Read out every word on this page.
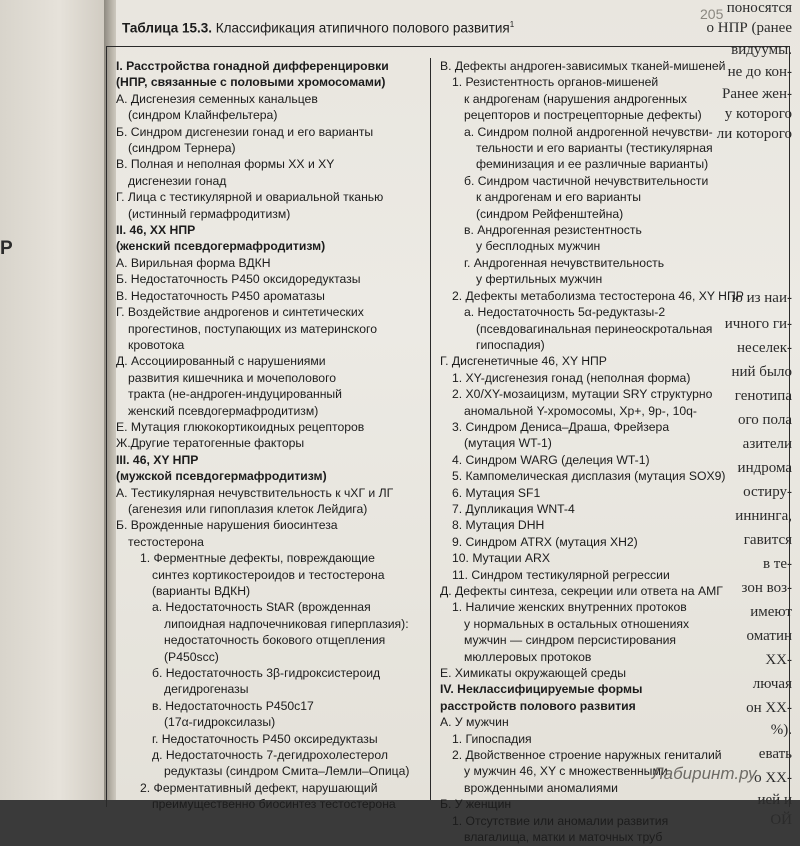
205
Таблица 15.3. Классификация атипичного полового развития$^1$
I. Расстройства гонадной дифференцировки
(НПР, связанные с половыми хромосомами)
А. Дисгенезия семенных канальцев
(синдром Клайнфельтера)
Б. Синдром дисгенезии гонад и его варианты
(синдром Тернера)
В. Полная и неполная формы XX и XY
дисгенезии гонад
Г. Лица с тестикулярной и овариальной тканью
(истинный гермафродитизм)
II. 46, XX НПР
(женский псевдогермафродитизм)
А. Вирильная форма ВДКН
Б. Недостаточность Р450 оксидоредуктазы
В. Недостаточность Р450 ароматазы
Г. Воздействие андрогенов и синтетических
прогестинов, поступающих из материнского
кровотока
Д. Ассоциированный с нарушениями
развития кишечника и мочеполового
тракта (не-андроген-индуцированный
женский псевдогермафродитизм)
Е. Мутация глюкокортикоидных рецепторов
Ж.Другие тератогенные факторы
III. 46, XY НПР
(мужской псевдогермафродитизм)
А. Тестикулярная нечувствительность к чХГ и ЛГ
(агенезия или гипоплазия клеток Лейдига)
Б. Врожденные нарушения биосинтеза
тестостерона
1. Ферментные дефекты, повреждающие
синтез кортикостероидов и тестостерона
(варианты ВДКН)
а. Недостаточность StAR (врожденная
липоидная надпочечниковая гиперплазия):
недостаточность бокового отщепления
(P450scc)
б. Недостаточность 3β-гидроксистероид
дегидрогеназы
в. Недостаточность Р450с17
(17α-гидроксилазы)
г. Недостаточность Р450 оксиредуктазы
д. Недостаточность 7-дегидрохолестерол
редуктазы (синдром Смита–Лемли–Опица)
2. Ферментативный дефект, нарушающий
преимущественно биосинтез тестостерона
В. Дефекты андроген-зависимых тканей-мишеней
1. Резистентность органов-мишеней
к андрогенам (нарушения андрогенных
рецепторов и пострецепторные дефекты)
а. Синдром полной андрогенной нечувстви-
тельности и его варианты (тестикулярная
феминизация и ее различные варианты)
б. Синдром частичной нечувствительности
к андрогенам и его варианты
(синдром Рейфенштейна)
в. Андрогенная резистентность
у бесплодных мужчин
г. Андрогенная нечувствительность
у фертильных мужчин
2. Дефекты метаболизма тестостерона 46, XY НПР
а. Недостаточность 5α-редуктазы-2
(псевдовагинальная перинеоскротальная
гипоспадия)
Г. Дисгенетичные 46, XY НПР
1. XY-дисгенезия гонад (неполная форма)
2. X0/XY-мозаицизм, мутации SRY структурно
аномальной Y-хромосомы, Xp+, 9p-, 10q-
3. Синдром Дениса–Драша, Фрейзера
(мутация WT-1)
4. Синдром WARG (делеция WT-1)
5. Кампомелическая дисплазия (мутация SOX9)
6. Мутация SF1
7. Дупликация WNT-4
8. Мутация DHH
9. Синдром ATRX (мутация XH2)
10. Мутации ARX
11. Синдром тестикулярной регрессии
Д. Дефекты синтеза, секреции или ответа на АМГ
1. Наличие женских внутренних протоков
у нормальных в остальных отношениях
мужчин — синдром персистирования
мюллеровых протоков
Е. Химикаты окружающей среды
IV. Неклассифицируемые формы
расстройств полового развития
А. У мужчин
1. Гипоспадия
2. Двойственное строение наружных гениталий
у мужчин 46, XY с множественными
врожденными аномалиями
Б. У женщин
1. Отсутствие или аномалии развития
влагалища, матки и маточных труб
поносятся
о НПР (ранее
видуумы.
не до кон-
Ранее жен-
у которого
ли которого
Р
ю из наи-
ичного ги-
неселек-
ний было
генотипа
ого пола
азители
индрома
остиру-
иннинга,
гавится
в те-
зон воз-
имеют
оматин
XX-
лючая
он ХХ-
%).
евать
о XX-
ией и
ОЙ
Лабиринт.ру
